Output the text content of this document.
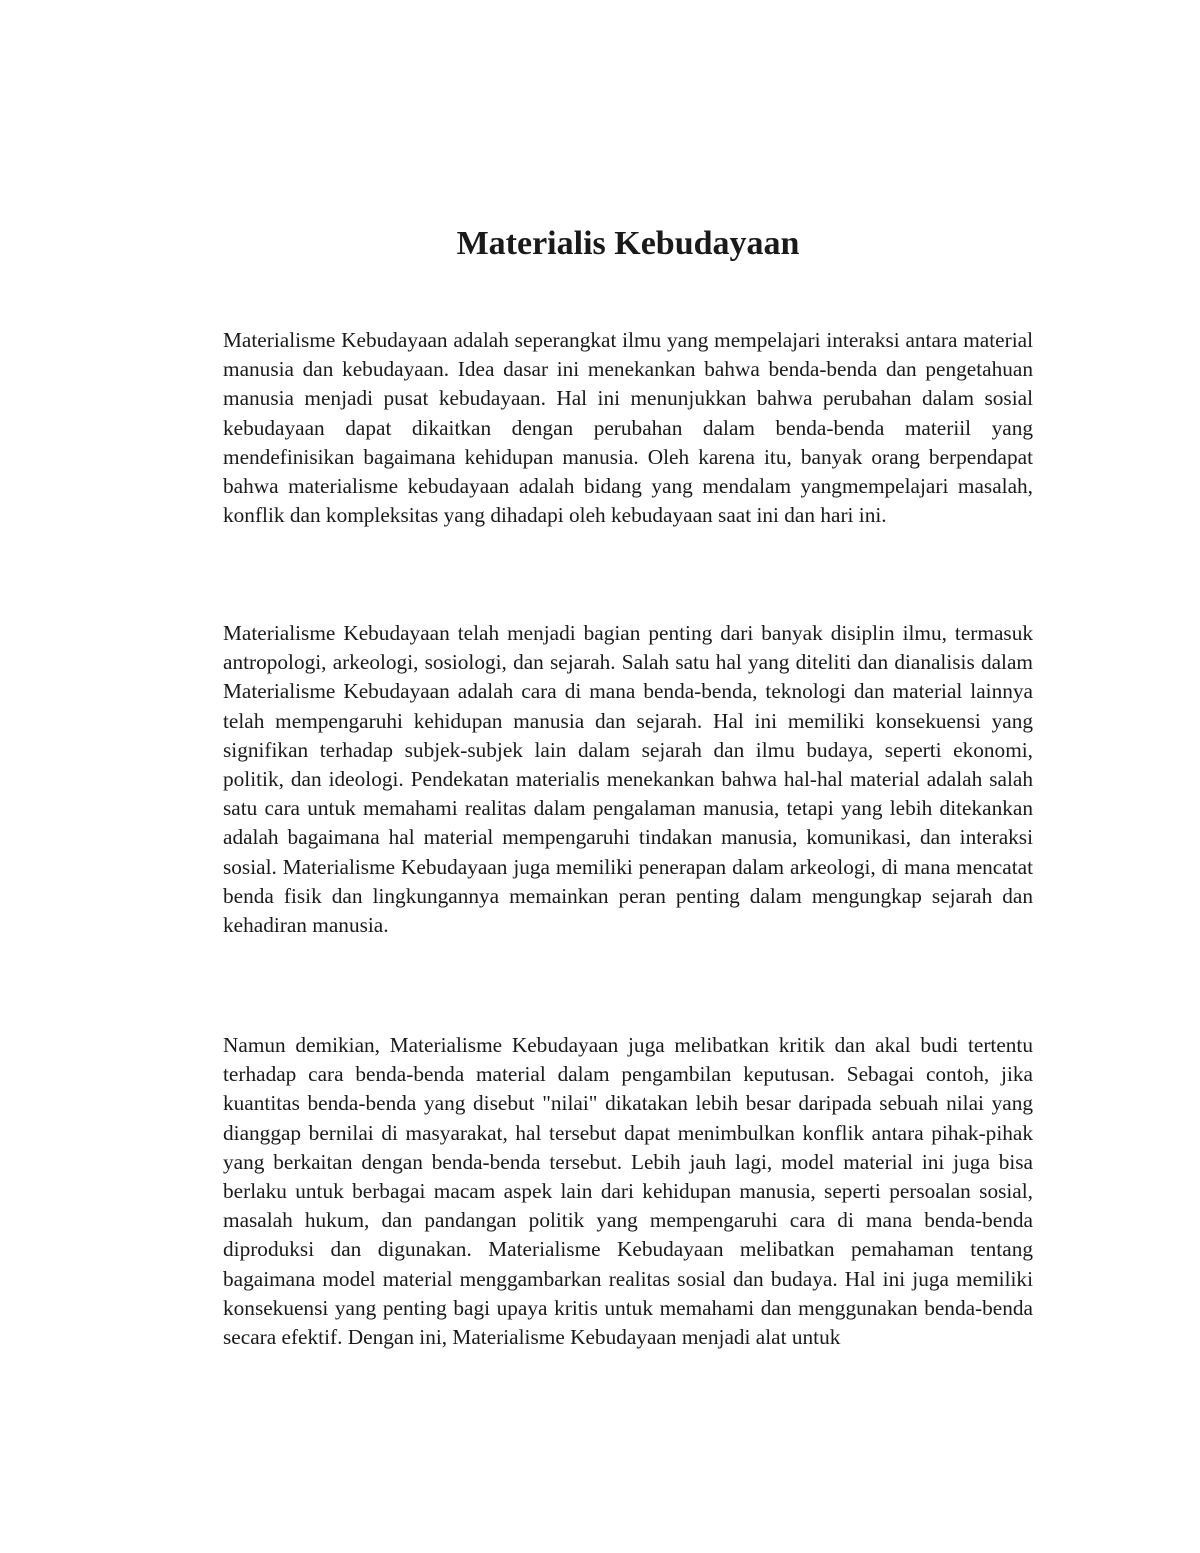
Materialis Kebudayaan

Materialisme Kebudayaan adalah seperangkat ilmu yang mempelajari interaksi antara material manusia dan kebudayaan. Idea dasar ini menekankan bahwa benda-benda dan pengetahuan manusia menjadi pusat kebudayaan. Hal ini menunjukkan bahwa perubahan dalam sosial kebudayaan dapat dikaitkan dengan perubahan dalam benda-benda materiil yang mendefinisikan bagaimana kehidupan manusia. Oleh karena itu, banyak orang berpendapat bahwa materialisme kebudayaan adalah bidang yang mendalam yangmempelajari masalah, konflik dan kompleksitas yang dihadapi oleh kebudayaan saat ini dan hari ini.

Materialisme Kebudayaan telah menjadi bagian penting dari banyak disiplin ilmu, termasuk antropologi, arkeologi, sosiologi, dan sejarah. Salah satu hal yang diteliti dan dianalisis dalam Materialisme Kebudayaan adalah cara di mana benda-benda, teknologi dan material lainnya telah mempengaruhi kehidupan manusia dan sejarah. Hal ini memiliki konsekuensi yang signifikan terhadap subjek-subjek lain dalam sejarah dan ilmu budaya, seperti ekonomi, politik, dan ideologi. Pendekatan materialis menekankan bahwa hal-hal material adalah salah satu cara untuk memahami realitas dalam pengalaman manusia, tetapi yang lebih ditekankan adalah bagaimana hal material mempengaruhi tindakan manusia, komunikasi, dan interaksi sosial. Materialisme Kebudayaan juga memiliki penerapan dalam arkeologi, di mana mencatat benda fisik dan lingkungannya memainkan peran penting dalam mengungkap sejarah dan kehadiran manusia.

Namun demikian, Materialisme Kebudayaan juga melibatkan kritik dan akal budi tertentu terhadap cara benda-benda material dalam pengambilan keputusan. Sebagai contoh, jika kuantitas benda-benda yang disebut "nilai" dikatakan lebih besar daripada sebuah nilai yang dianggap bernilai di masyarakat, hal tersebut dapat menimbulkan konflik antara pihak-pihak yang berkaitan dengan benda-benda tersebut. Lebih jauh lagi, model material ini juga bisa berlaku untuk berbagai macam aspek lain dari kehidupan manusia, seperti persoalan sosial, masalah hukum, dan pandangan politik yang mempengaruhi cara di mana benda-benda diproduksi dan digunakan. Materialisme Kebudayaan melibatkan pemahaman tentang bagaimana model material menggambarkan realitas sosial dan budaya. Hal ini juga memiliki konsekuensi yang penting bagi upaya kritis untuk memahami dan menggunakan benda-benda secara efektif. Dengan ini, Materialisme Kebudayaan menjadi alat untuk
